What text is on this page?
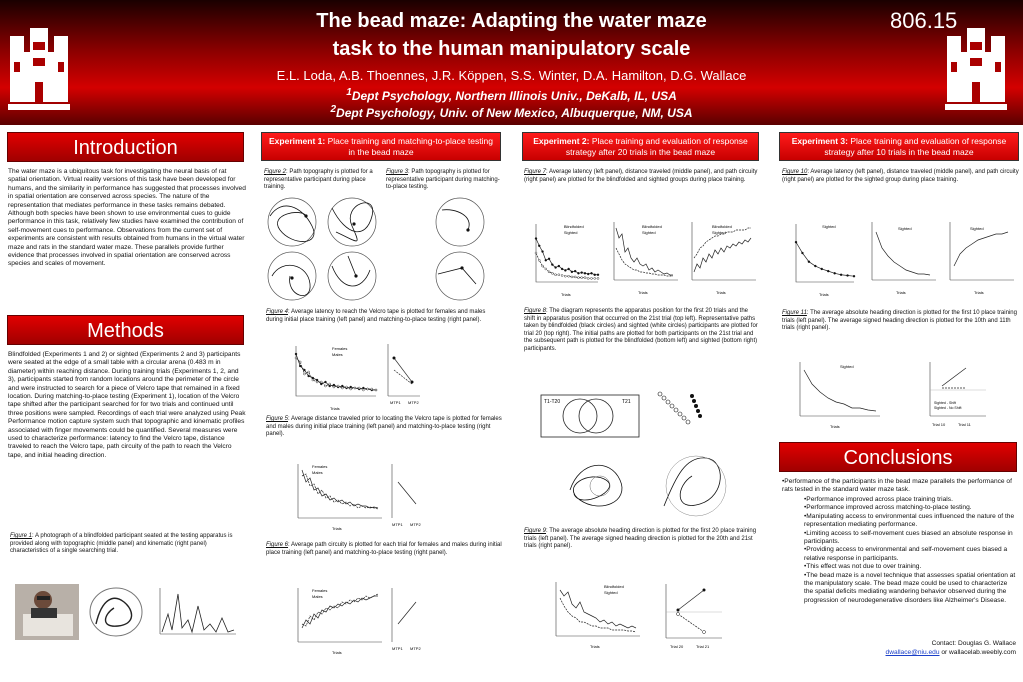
The bead maze: Adapting the water maze
task to the human manipulatory scale
E.L. Loda, A.B. Thoennes, J.R. Köppen, S.S. Winter, D.A. Hamilton, D.G. Wallace
$^1$Dept Psychology, Northern Illinois Univ., DeKalb, IL, USA
$^2$Dept Psychology, Univ. of New Mexico, Albuquerque, NM, USA
806.15
Introduction
The water maze is a ubiquitous task for investigating the neural basis of rat spatial orientation. Virtual reality versions of this task have been developed for humans, and the similarity in performance has suggested that processes involved in spatial orientation are conserved across species. The nature of the representation that mediates performance in these tasks remains debated. Although both species have been shown to use environmental cues to guide performance in this task, relatively few studies have examined the contribution of self-movement cues to performance. Observations from the current set of experiments are consistent with results obtained from humans in the virtual water maze and rats in the standard water maze. These parallels provide further evidence that processes involved in spatial orientation are conserved across species and scales of movement.
Methods
Blindfolded (Experiments 1 and 2) or sighted (Experiments 2 and 3) participants were seated at the edge of a small table with a circular arena (0.483 m in diameter) within reaching distance. During training trials (Experiments 1, 2, and 3), participants started from random locations around the perimeter of the circle and were instructed to search for a piece of Velcro tape that remained in a fixed location. During matching-to-place testing (Experiment 1), location of the Velcro tape shifted after the participant searched for for two trials and continued until three positions were sampled. Recordings of each trial were analyzed using Peak Performance motion capture system such that topographic and kinematic profiles associated with finger movements could be quantified. Several measures were used to characterize performance: latency to find the Velcro tape, distance traveled to reach the Velcro tape, path circuity of the path to reach the Velcro tape, and initial heading direction.
Figure 1: A photograph of a blindfolded participant seated at the testing apparatus is provided along with topographic (middle panel) and kinematic (right panel) characteristics of a single searching trial.
Experiment 1: Place training and matching-to-place testing in the bead maze
Figure 2: Path topography is plotted for a representative participant during place training.
Figure 3: Path topography is plotted for representative participant during matching-to-place testing.
Figure 4: Average latency to reach the Velcro tape is plotted for females and males during initial place training (left panel) and matching-to-place testing (right panel).
Females
Males
Trials
MTP1 MTP2
Figure 5: Average distance traveled prior to locating the Velcro tape is plotted for females and males during initial place training (left panel) and matching-to-place testing (right panel).
Females
Males
Trials
MTP1 MTP2
Figure 6: Average path circuity is plotted for each trial for females and males during initial place training (left panel) and matching-to-place testing (right panel).
Females
Males
Trials
MTP1 MTP2
Experiment 2: Place training and evaluation of response strategy after 20 trials in the bead maze
Figure 7: Average latency (left panel), distance traveled (middle panel), and path circuity (right panel) are plotted for the blindfolded and sighted groups during place training.
Blindfolded
Sighted
Trials
Blindfolded
Sighted
Trials
Blindfolded
Sighted
Trials
Figure 8: The diagram represents the apparatus position for the first 20 trials and the shift in apparatus position that occurred on the 21st trial (top left). Representative paths taken by blindfolded (black circles) and sighted (white circles) participants are plotted for trial 20 (top right). The initial paths are plotted for both participants on the 21st trial and the subsequent path is plotted for the blindfolded (bottom left) and sighted (bottom right) participants.
T1-T20	T21
Figure 9: The average absolute heading direction is plotted for the first 20 place training trials (left panel). The average signed heading direction is plotted for the 20th and 21st trials (right panel).
Blindfolded
Sighted
Trials	Trial 20	Trial 21
Experiment 3: Place training and evaluation of response strategy after 10 trials in the bead maze
Figure 10: Average latency (left panel), distance traveled (middle panel), and path circuity (right panel) are plotted for the sighted group during place training.
Sighted
Trials
Sighted
Trials
Sighted
Trials
Figure 11: The average absolute heading direction is plotted for the first 10 place training trials (left panel). The average signed heading direction is plotted for the 10th and 11th trials (right panel).
Sighted
Trials
Sighted - Shift
Sighted - No Shift
Trial 10	Trial 11
Conclusions
•Performance of the participants in the bead maze parallels the performance of rats tested in the standard water maze task.
•Performance improved across place training trials.
•Performance improved across matching-to-place testing.
•Manipulating access to environmental cues influenced the nature of the representation mediating performance.
•Limiting access to self-movement cues biased an absolute response in participants.
•Providing access to environmental and self-movement cues biased a relative response in participants.
•This effect was not due to over training.
•The bead maze is a novel technique that assesses spatial orientation at the manipulatory scale. The bead maze could be used to characterize the spatial deficits mediating wandering behavior observed during the progression of neurodegenerative disorders like Alzheimer's Disease.
Contact: Douglas G. Wallace
dwallace@niu.edu or wallacelab.weebly.com
